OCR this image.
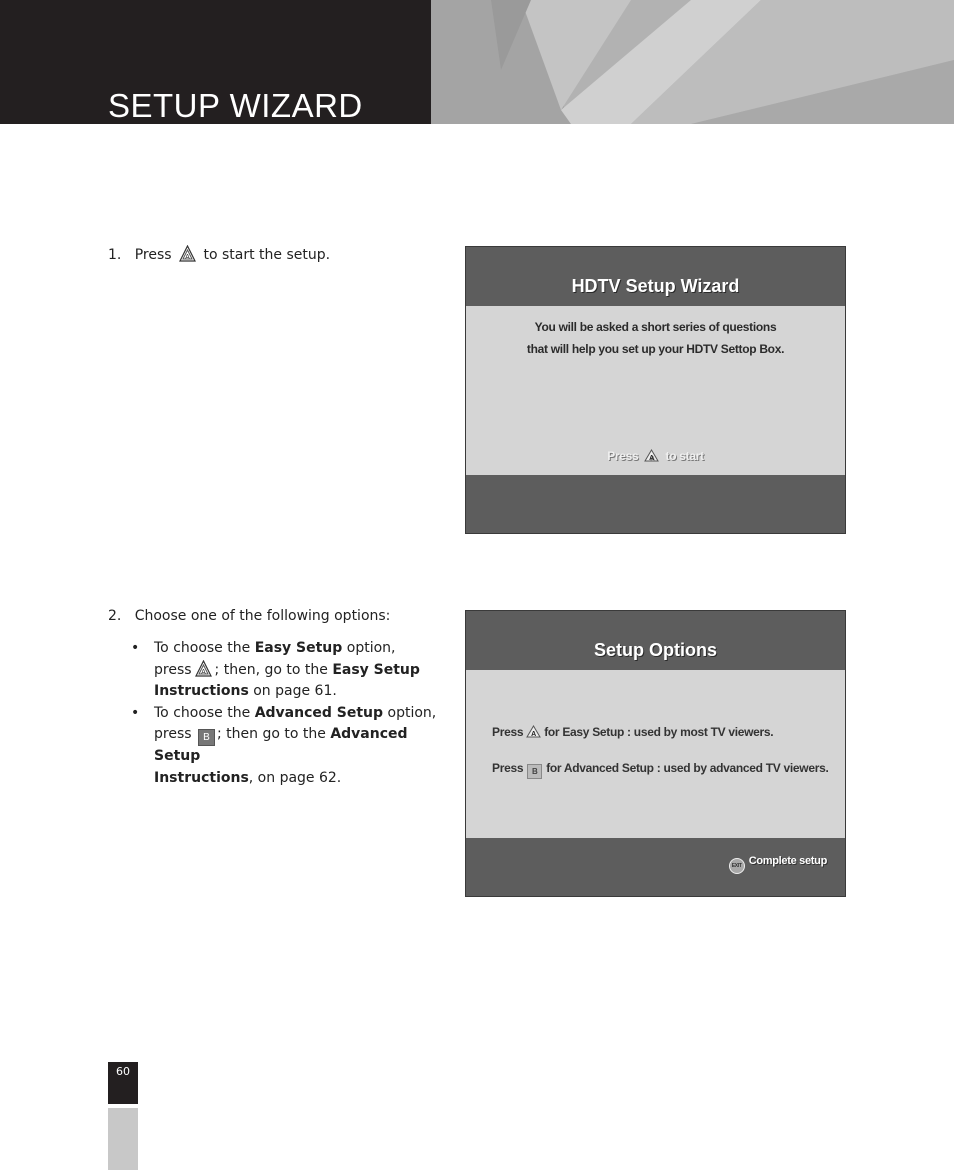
SETUP WIZARD
1. Press A to start the setup.
HDTV Setup Wizard
You will be asked a short series of questions
that will help you set up your HDTV Settop Box.
Press A to start
2. Choose one of the following options:
• To choose the Easy Setup option,
press A ; then, go to the Easy Setup
Instructions on page 61.
• To choose the Advanced Setup option,
press B ; then go to the Advanced Setup
Instructions, on page 62.
Setup Options
Press A for Easy Setup : used by most TV viewers.
Press B for Advanced Setup : used by advanced TV viewers.
EXIT Complete setup
60
